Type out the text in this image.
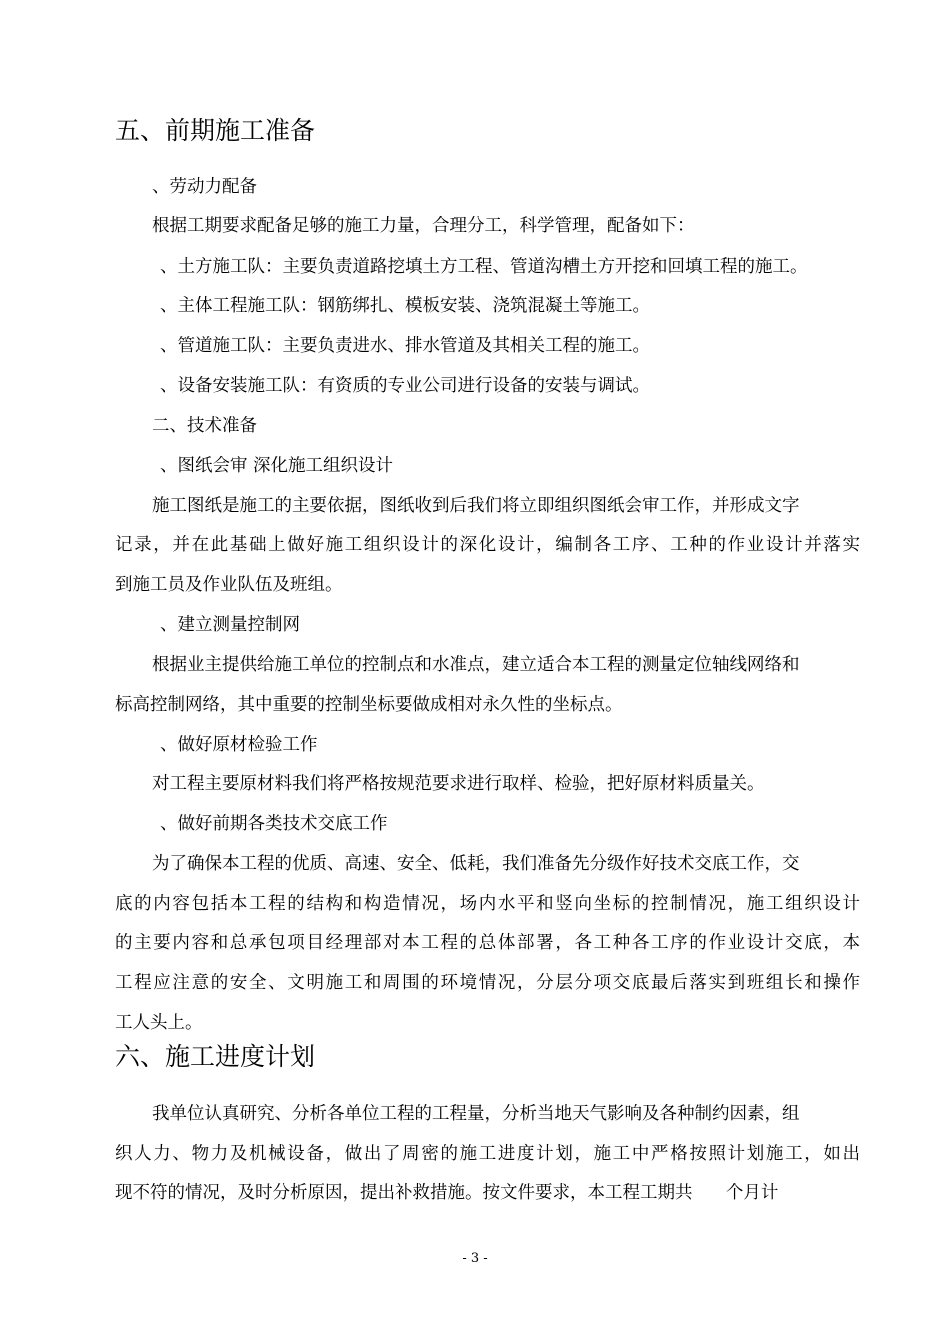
五、前期施工准备
、劳动力配备
根据工期要求配备足够的施工力量，合理分工，科学管理，配备如下：
、土方施工队：主要负责道路挖填土方工程、管道沟槽土方开挖和回填工程的施工。
、主体工程施工队：钢筋绑扎、模板安装、浇筑混凝土等施工。
、管道施工队：主要负责进水、排水管道及其相关工程的施工。
、设备安装施工队：有资质的专业公司进行设备的安装与调试。
二、技术准备
、图纸会审 深化施工组织设计
施工图纸是施工的主要依据，图纸收到后我们将立即组织图纸会审工作，并形成文字
记录，并在此基础上做好施工组织设计的深化设计，编制各工序、工种的作业设计并落实
到施工员及作业队伍及班组。
、建立测量控制网
根据业主提供给施工单位的控制点和水准点，建立适合本工程的测量定位轴线网络和
标高控制网络，其中重要的控制坐标要做成相对永久性的坐标点。
、做好原材检验工作
对工程主要原材料我们将严格按规范要求进行取样、检验，把好原材料质量关。
、做好前期各类技术交底工作
为了确保本工程的优质、高速、安全、低耗，我们准备先分级作好技术交底工作，交
底的内容包括本工程的结构和构造情况，场内水平和竖向坐标的控制情况，施工组织设计
的主要内容和总承包项目经理部对本工程的总体部署，各工种各工序的作业设计交底，本
工程应注意的安全、文明施工和周围的环境情况，分层分项交底最后落实到班组长和操作
工人头上。
六、施工进度计划
我单位认真研究、分析各单位工程的工程量，分析当地天气影响及各种制约因素，组
织人力、物力及机械设备，做出了周密的施工进度计划，施工中严格按照计划施工，如出
现不符的情况，及时分析原因，提出补救措施。按文件要求，本工程工期共      个月计
- 3 -
